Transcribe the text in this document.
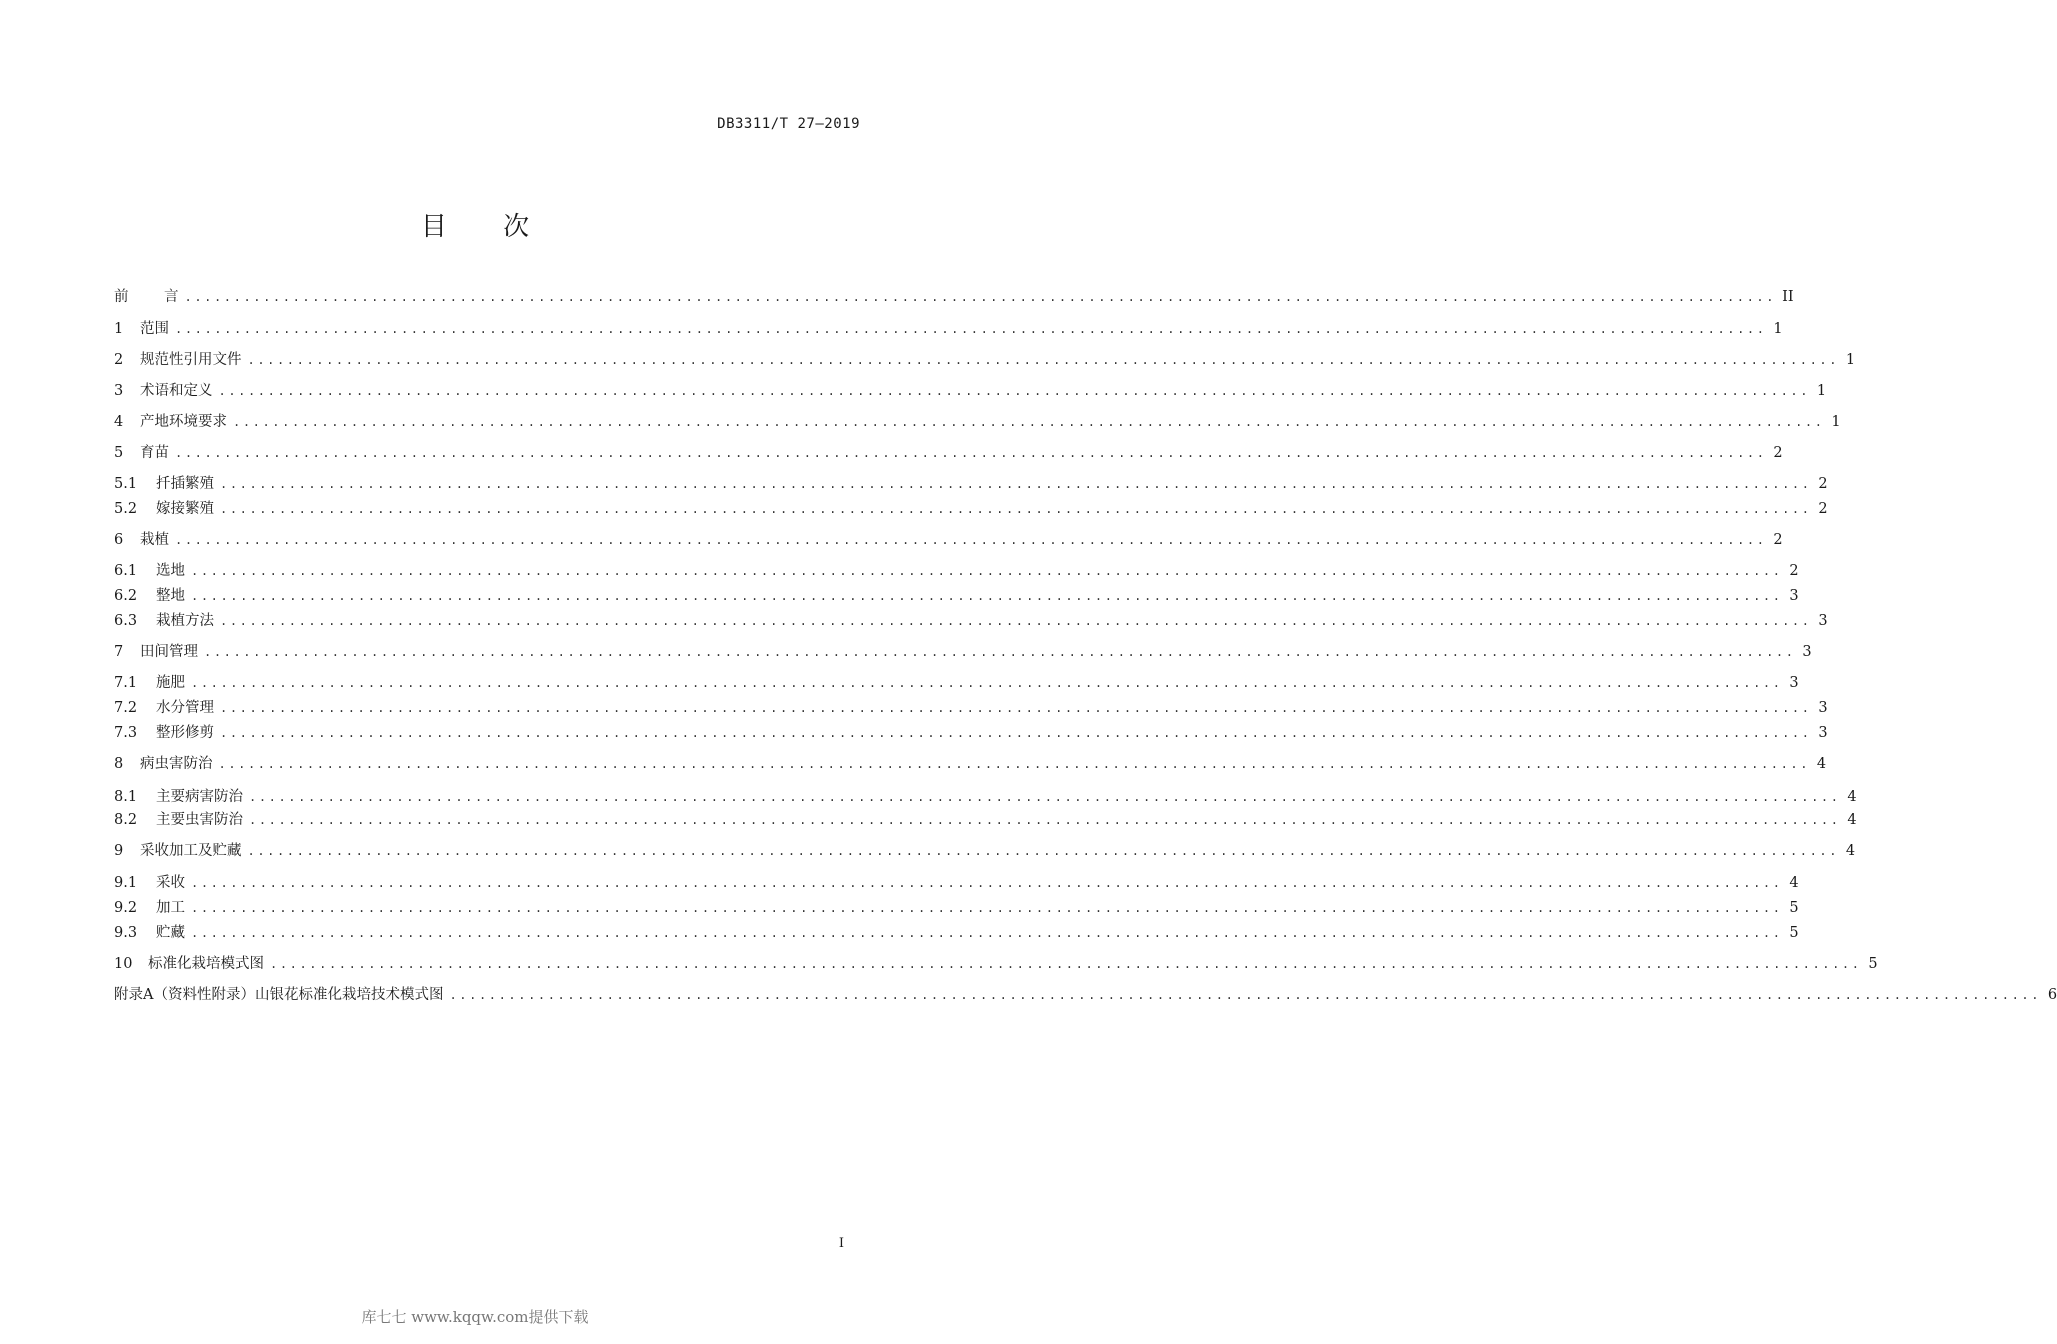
DB3311/T 27—2019
目 次
前	言 .................................................................................................................................................................. II
1	范围 .................................................................................................................................................................. 1
2	规范性引用文件 .................................................................................................................................................................. 1
3	术语和定义 .................................................................................................................................................................. 1
4	产地环境要求 .................................................................................................................................................................. 1
5	育苗 .................................................................................................................................................................. 2
5.1	扦插繁殖 .................................................................................................................................................................. 2
5.2	嫁接繁殖 .................................................................................................................................................................. 2
6	栽植 .................................................................................................................................................................. 2
6.1	选地 .................................................................................................................................................................. 2
6.2	整地 .................................................................................................................................................................. 3
6.3	栽植方法 .................................................................................................................................................................. 3
7	田间管理 .................................................................................................................................................................. 3
7.1	施肥 .................................................................................................................................................................. 3
7.2	水分管理 .................................................................................................................................................................. 3
7.3	整形修剪 .................................................................................................................................................................. 3
8	病虫害防治 .................................................................................................................................................................. 4
8.1	主要病害防治 .................................................................................................................................................................. 4
8.2	主要虫害防治 .................................................................................................................................................................. 4
9	采收加工及贮藏 .................................................................................................................................................................. 4
9.1	采收 .................................................................................................................................................................. 4
9.2	加工 .................................................................................................................................................................. 5
9.3	贮藏 .................................................................................................................................................................. 5
10	标准化栽培模式图 .................................................................................................................................................................. 5
附录A（资料性附录）山银花标准化栽培技术模式图 .................................................................................................................................................................. 6
I
库七七 www.kqqw.com提供下载
